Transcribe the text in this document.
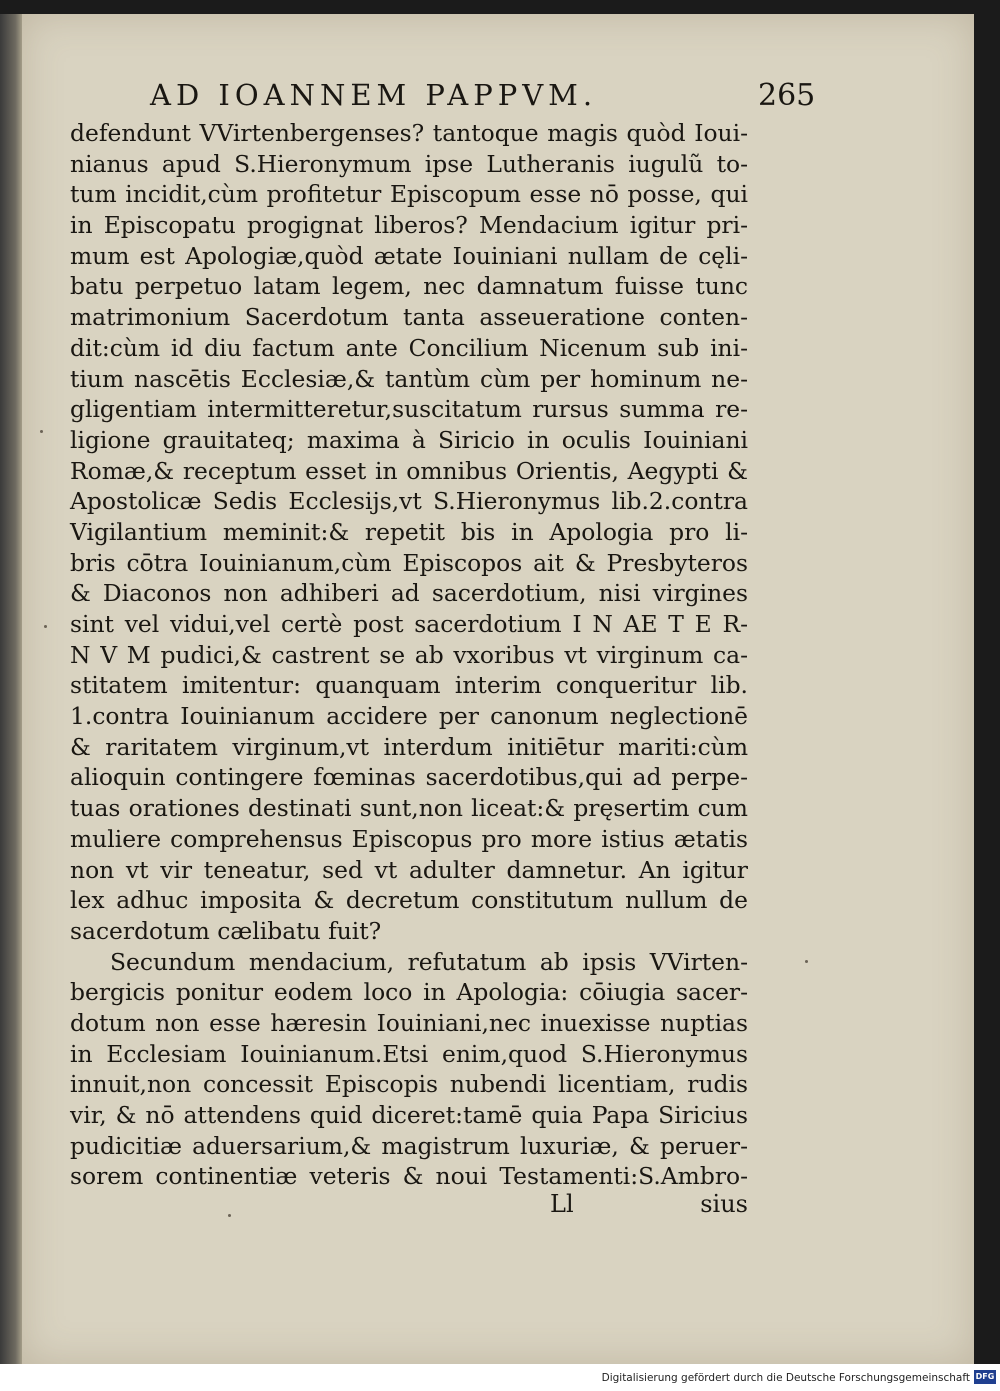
AD IOANNEM PAPPVM.	265
defendunt VVirtenbergenses? tantoque magis quòd Ioui-
nianus apud S.Hieronymum ipse Lutheranis iugulũ to-
tum incidit,cùm profitetur Episcopum esse nō posse, qui
in Episcopatu progignat liberos? Mendacium igitur pri-
mum est Apologiæ,quòd ætate Iouiniani nullam de cęli-
batu perpetuo latam legem, nec damnatum fuisse tunc
matrimonium Sacerdotum tanta asseueratione conten-
dit:cùm id diu factum ante Concilium Nicenum sub ini-
tium nascētis Ecclesiæ,& tantùm cùm per hominum ne-
gligentiam intermitteretur,suscitatum rursus summa re-
ligione grauitateq; maxima à Siricio in oculis Iouiniani
Romæ,& receptum esset in omnibus Orientis, Aegypti &
Apostolicæ Sedis Ecclesijs,vt S.Hieronymus lib.2.contra
Vigilantium meminit:& repetit bis in Apologia pro li-
bris cōtra Iouinianum,cùm Episcopos ait & Presbyteros
& Diaconos non adhiberi ad sacerdotium, nisi virgines
sint vel vidui,vel certè post sacerdotium I N AE T E R-
N V M pudici,& castrent se ab vxoribus vt virginum ca-
stitatem imitentur: quanquam interim conqueritur lib.
1.contra Iouinianum accidere per canonum neglectionē
& raritatem virginum,vt interdum initiētur mariti:cùm
alioquin contingere fœminas sacerdotibus,qui ad perpe-
tuas orationes destinati sunt,non liceat:& pręsertim cum
muliere comprehensus Episcopus pro more istius ætatis
non vt vir teneatur, sed vt adulter damnetur. An igitur
lex adhuc imposita & decretum constitutum nullum de
sacerdotum cælibatu fuit?
Secundum mendacium, refutatum ab ipsis VVirten-
bergicis ponitur eodem loco in Apologia: cōiugia sacer-
dotum non esse hæresin Iouiniani,nec inuexisse nuptias
in Ecclesiam Iouinianum.Etsi enim,quod S.Hieronymus
innuit,non concessit Episcopis nubendi licentiam, rudis
vir, & nō attendens quid diceret:tamē quia Papa Siricius
pudicitiæ aduersarium,& magistrum luxuriæ, & peruer-
sorem continentiæ veteris & noui Testamenti:S.Ambro-
Ll	sius
Digitalisierung gefördert durch die Deutsche Forschungsgemeinschaft DFG
